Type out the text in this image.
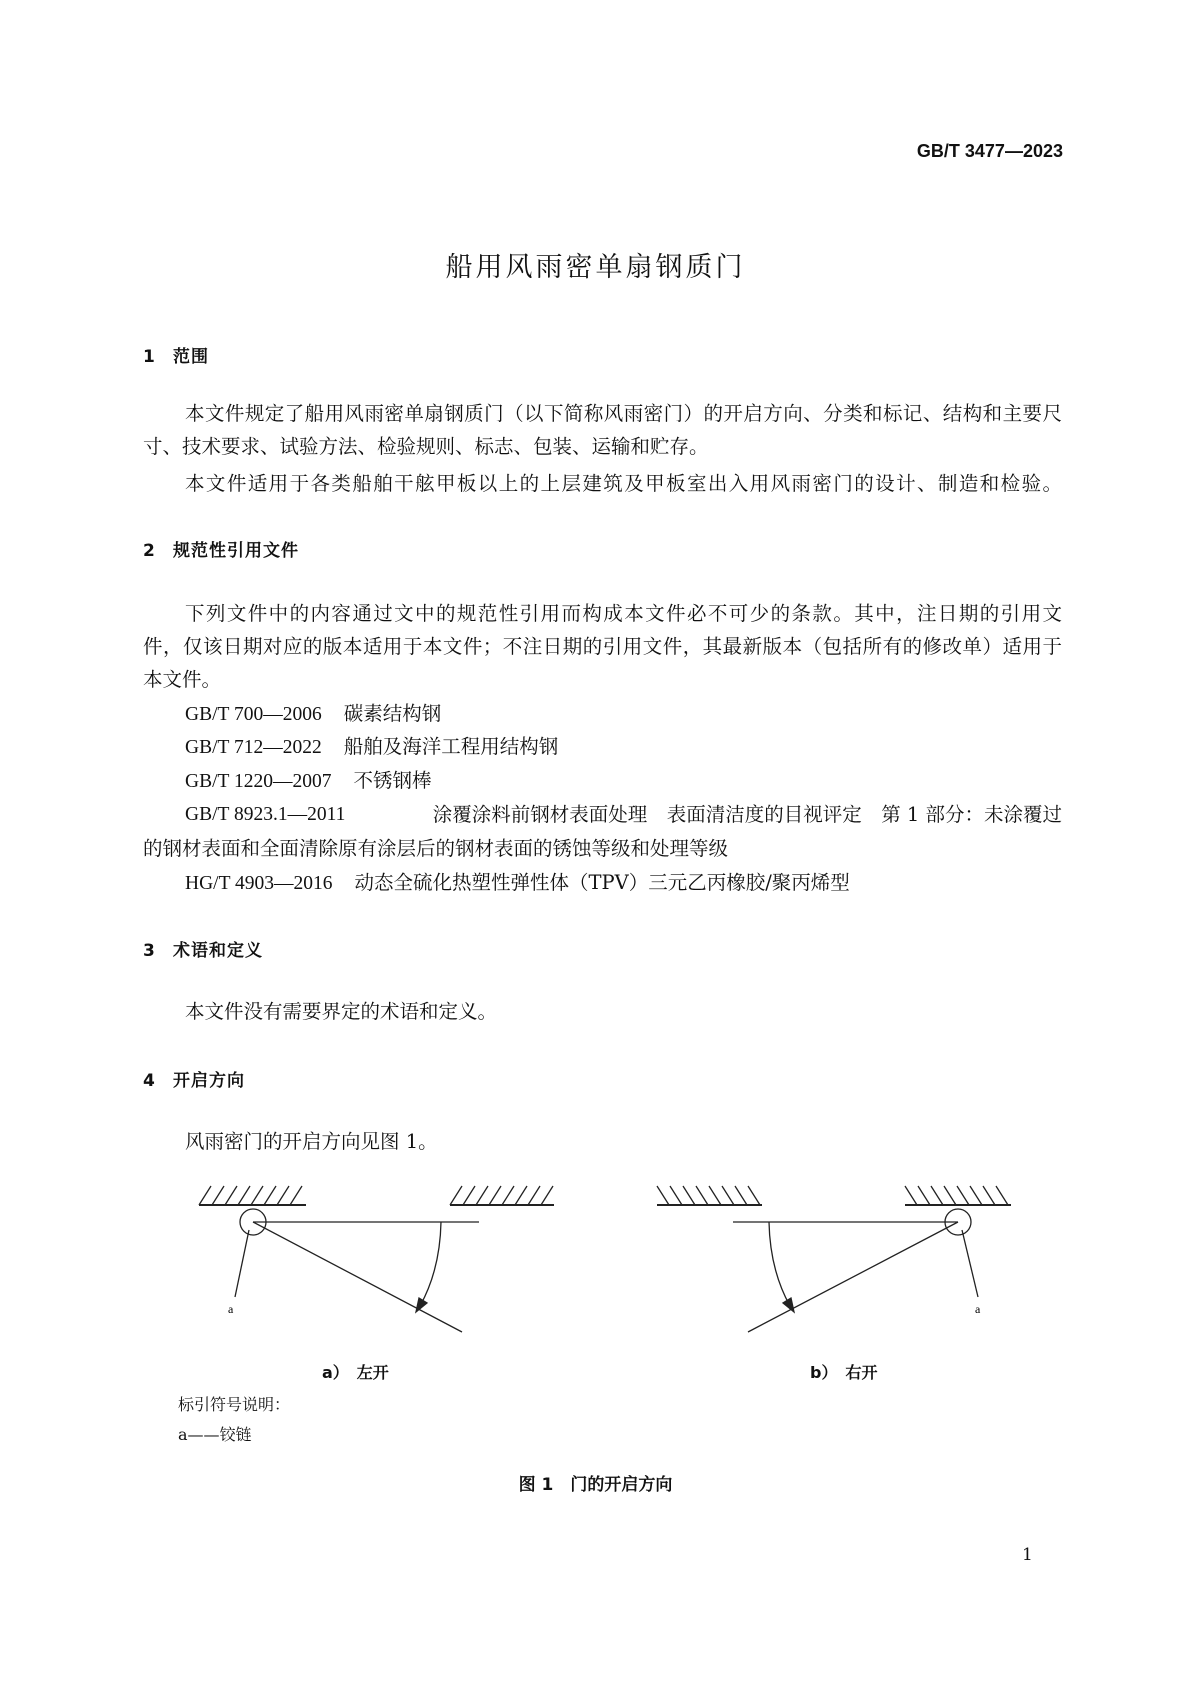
GB/T 3477—2023
船用风雨密单扇钢质门
1 范围
本文件规定了船用风雨密单扇钢质门（以下简称风雨密门）的开启方向、分类和标记、结构和主要尺
寸、技术要求、试验方法、检验规则、标志、包装、运输和贮存。
本文件适用于各类船舶干舷甲板以上的上层建筑及甲板室出入用风雨密门的设计、制造和检验。
2 规范性引用文件
下列文件中的内容通过文中的规范性引用而构成本文件必不可少的条款。其中，注日期的引用文
件，仅该日期对应的版本适用于本文件；不注日期的引用文件，其最新版本（包括所有的修改单）适用于
本文件。
GB/T 700—2006 碳素结构钢
GB/T 712—2022 船舶及海洋工程用结构钢
GB/T 1220—2007 不锈钢棒
GB/T 8923.1—2011	涂覆涂料前钢材表面处理　表面清洁度的目视评定　第 1 部分：未涂覆过
的钢材表面和全面清除原有涂层后的钢材表面的锈蚀等级和处理等级
HG/T 4903—2016 动态全硫化热塑性弹性体（TPV）三元乙丙橡胶/聚丙烯型
3 术语和定义
本文件没有需要界定的术语和定义。
4 开启方向
风雨密门的开启方向见图 1。
a	a
a）　左开	b）　右开
标引符号说明：
a——铰链
图 1　门的开启方向
1
